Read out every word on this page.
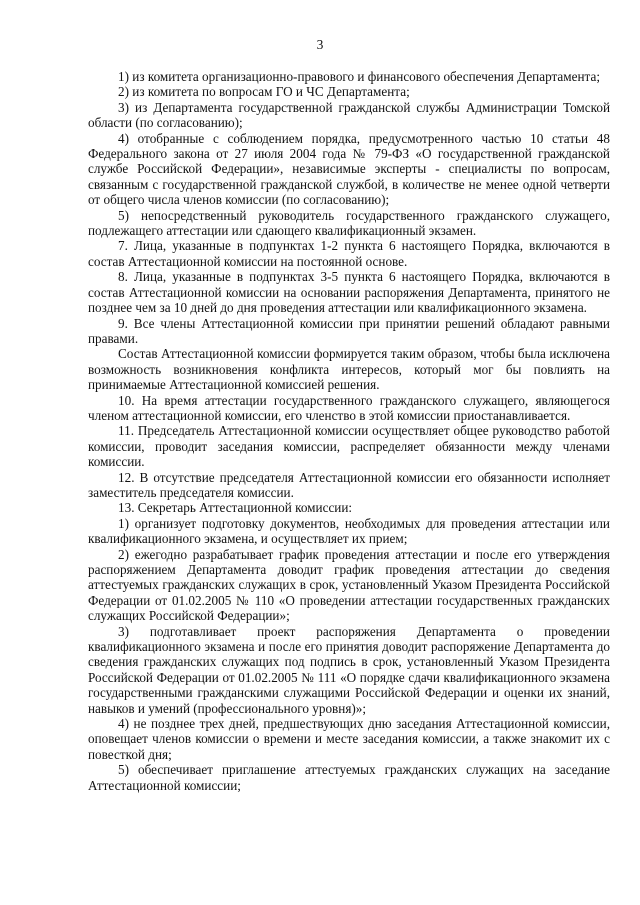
3

1) из комитета организационно-правового и финансового обеспечения Департамента;

2) из комитета по вопросам ГО и ЧС Департамента;

3) из Департамента государственной гражданской службы Администрации Томской области (по согласованию);

4) отобранные с соблюдением порядка, предусмотренного частью 10 статьи 48 Федерального закона от 27 июля 2004 года № 79-ФЗ «О государственной гражданской службе Российской Федерации», независимые эксперты - специалисты по вопросам, связанным с государственной гражданской службой, в количестве не менее одной четверти от общего числа членов комиссии (по согласованию);

5) непосредственный руководитель государственного гражданского служащего, подлежащего аттестации или сдающего квалификационный экзамен.

7. Лица, указанные в подпунктах 1-2 пункта 6 настоящего Порядка, включаются в состав Аттестационной комиссии на постоянной основе.

8. Лица, указанные в подпунктах 3-5 пункта 6 настоящего Порядка, включаются в состав Аттестационной комиссии на основании распоряжения Департамента, принятого не позднее чем за 10 дней до дня проведения аттестации или квалификационного экзамена.

9. Все члены Аттестационной комиссии при принятии решений обладают равными правами.

Состав Аттестационной комиссии формируется таким образом, чтобы была исключена возможность возникновения конфликта интересов, который мог бы повлиять на принимаемые Аттестационной комиссией решения.

10. На время аттестации государственного гражданского служащего, являющегося членом аттестационной комиссии, его членство в этой комиссии приостанавливается.

11. Председатель Аттестационной комиссии осуществляет общее руководство работой комиссии, проводит заседания комиссии, распределяет обязанности между членами комиссии.

12. В отсутствие председателя Аттестационной комиссии его обязанности исполняет заместитель председателя комиссии.

13. Секретарь Аттестационной комиссии:

1) организует подготовку документов, необходимых для проведения аттестации или квалификационного экзамена, и осуществляет их прием;

2) ежегодно разрабатывает график проведения аттестации и после его утверждения распоряжением Департамента доводит график проведения аттестации до сведения аттестуемых гражданских служащих в срок, установленный Указом Президента Российской Федерации от 01.02.2005 № 110 «О проведении аттестации государственных гражданских служащих Российской Федерации»;

3) подготавливает проект распоряжения Департамента о проведении квалификационного экзамена и после его принятия доводит распоряжение Департамента до сведения гражданских служащих под подпись в срок, установленный Указом Президента Российской Федерации от 01.02.2005 № 111 «О порядке сдачи квалификационного экзамена государственными гражданскими служащими Российской Федерации и оценки их знаний, навыков и умений (профессионального уровня)»;

4) не позднее трех дней, предшествующих дню заседания Аттестационной комиссии, оповещает членов комиссии о времени и месте заседания комиссии, а также знакомит их с повесткой дня;

5) обеспечивает приглашение аттестуемых гражданских служащих на заседание Аттестационной комиссии;
